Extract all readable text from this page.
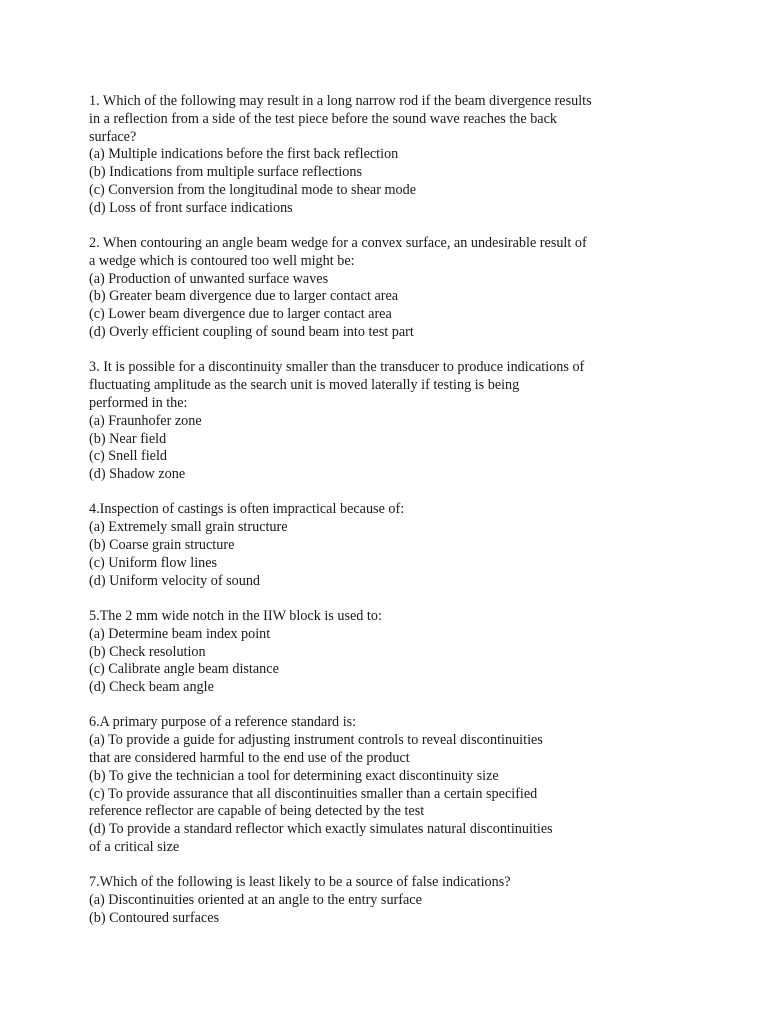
1. Which of the following may result in a long narrow rod if the beam divergence results
in a reflection from a side of the test piece before the sound wave reaches the back
surface?
(a) Multiple indications before the first back reflection
(b) Indications from multiple surface reflections
(c) Conversion from the longitudinal mode to shear mode
(d) Loss of front surface indications
2. When contouring an angle beam wedge for a convex surface, an undesirable result of
a wedge which is contoured too well might be:
(a) Production of unwanted surface waves
(b) Greater beam divergence due to larger contact area
(c) Lower beam divergence due to larger contact area
(d) Overly efficient coupling of sound beam into test part
3. It is possible for a discontinuity smaller than the transducer to produce indications of
fluctuating amplitude as the search unit is moved laterally if testing is being
performed in the:
(a) Fraunhofer zone
(b) Near field
(c) Snell field
(d) Shadow zone
4.Inspection of castings is often impractical because of:
(a) Extremely small grain structure
(b) Coarse grain structure
(c) Uniform flow lines
(d) Uniform velocity of sound
5.The 2 mm wide notch in the IIW block is used to:
(a) Determine beam index point
(b) Check resolution
(c) Calibrate angle beam distance
(d) Check beam angle
6.A primary purpose of a reference standard is:
(a) To provide a guide for adjusting instrument controls to reveal discontinuities
that are considered harmful to the end use of the product
(b) To give the technician a tool for determining exact discontinuity size
(c) To provide assurance that all discontinuities smaller than a certain specified
reference reflector are capable of being detected by the test
(d) To provide a standard reflector which exactly simulates natural discontinuities
of a critical size
7.Which of the following is least likely to be a source of false indications?
(a) Discontinuities oriented at an angle to the entry surface
(b) Contoured surfaces
